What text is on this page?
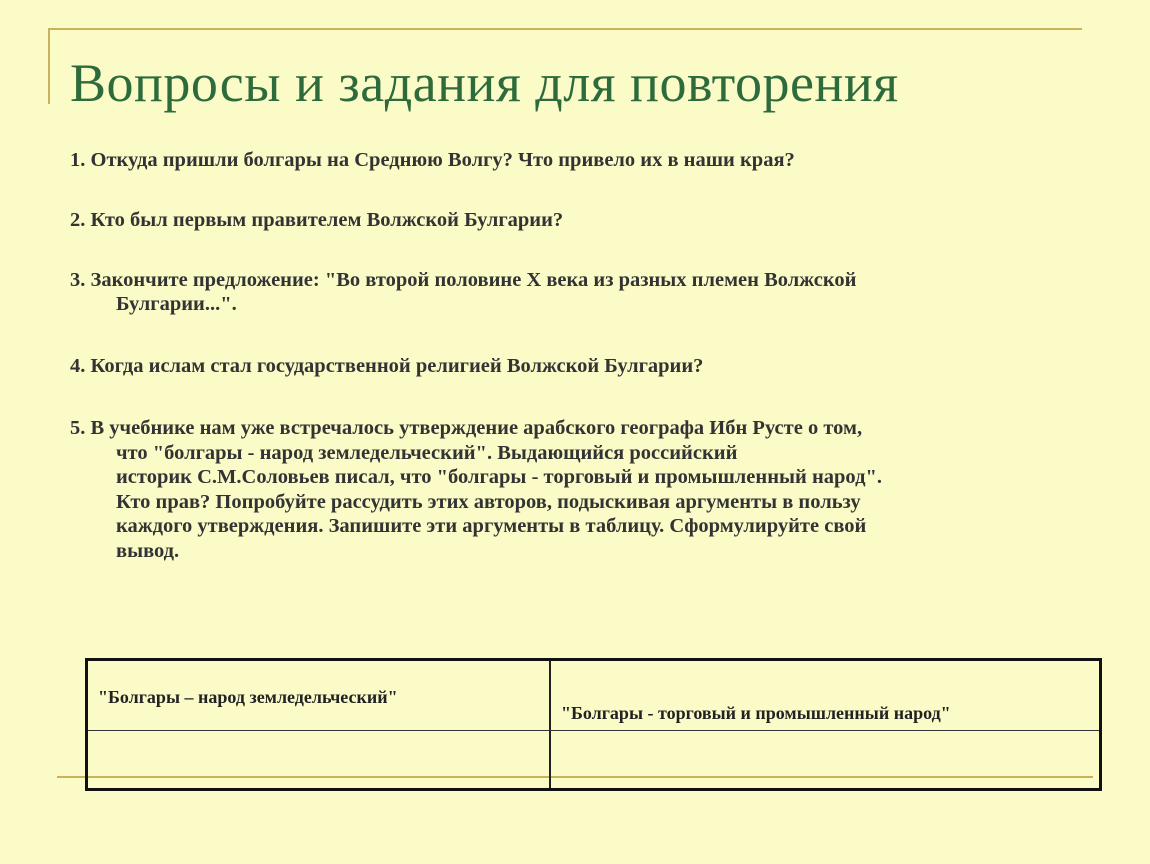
Вопросы и задания для повторения
1. Откуда пришли болгары на Среднюю Волгу? Что привело их в наши края?
2. Кто был первым правителем Волжской Булгарии?
3. Закончите предложение: "Во второй половине X века из разных племен Волжской
Булгарии...".
4. Когда ислам стал государственной религией Волжской Булгарии?
5. В учебнике нам уже встречалось утверждение арабского географа Ибн Русте о том,
что "болгары - народ земледельческий". Выдающийся российский
историк С.М.Соловьев писал, что "болгары - торговый и промышленный народ".
Кто прав? Попробуйте рассудить этих авторов, подыскивая аргументы в пользу
каждого утверждения. Запишите эти аргументы в таблицу. Сформулируйте свой
вывод.
"Болгары – народ земледельческий"
"Болгары - торговый и промышленный народ"
